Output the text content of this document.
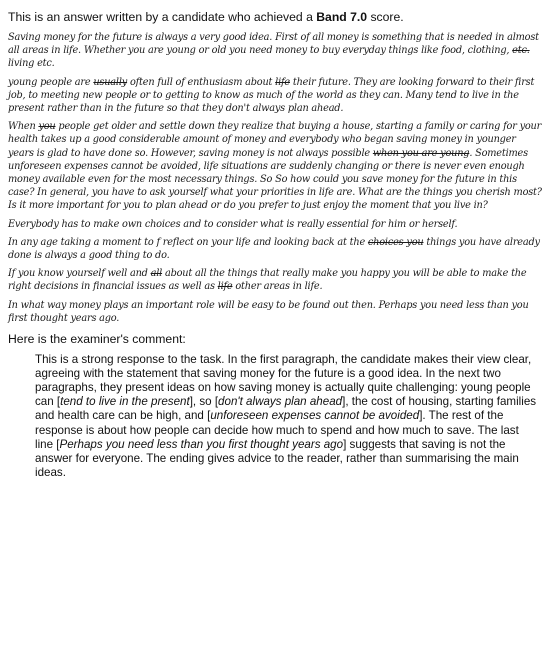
This is an answer written by a candidate who achieved a Band 7.0 score.

Saving money for the future is always a very good idea. First of all money is something that is needed in almost all areas in life. Whether you are young or old you need money to buy everyday things like food, clothing, etc. living etc.

young people are usually often full of enthusiasm about life their future. They are looking forward to their first job, to meeting new people or to getting to know as much of the world as they can. Many tend to live in the present rather than in the future so that they don't always plan ahead.

When you people get older and settle down they realize that buying a house, starting a family or caring for your health takes up a good considerable amount of money and everybody who began saving money in younger years is glad to have done so. However, saving money is not always possible when you are young. Sometimes unforeseen expenses cannot be avoided, life situations are suddenly changing or there is never even enough money available even for the most necessary things. So So how could you save money for the future in this case? In general, you have to ask yourself what your priorities in life are. What are the things you cherish most? Is it more important for you to plan ahead or do you prefer to just enjoy the moment that you live in?

Everybody has to make own choices and to consider what is really essential for him or herself.

In any age taking a moment to f reflect on your life and looking back at the choices you things you have already done is always a good thing to do.

If you know yourself well and all about all the things that really make you happy you will be able to make the right decisions in financial issues as well as life other areas in life.

In what way money plays an important role will be easy to be found out then. Perhaps you need less than you first thought years ago.

Here is the examiner's comment:

This is a strong response to the task. In the first paragraph, the candidate makes their view clear, agreeing with the statement that saving money for the future is a good idea. In the next two paragraphs, they present ideas on how saving money is actually quite challenging: young people can [tend to live in the present], so [don't always plan ahead], the cost of housing, starting families and health care can be high, and [unforeseen expenses cannot be avoided]. The rest of the response is about how people can decide how much to spend and how much to save. The last line [Perhaps you need less than you first thought years ago] suggests that saving is not the answer for everyone. The ending gives advice to the reader, rather than summarising the main ideas.
